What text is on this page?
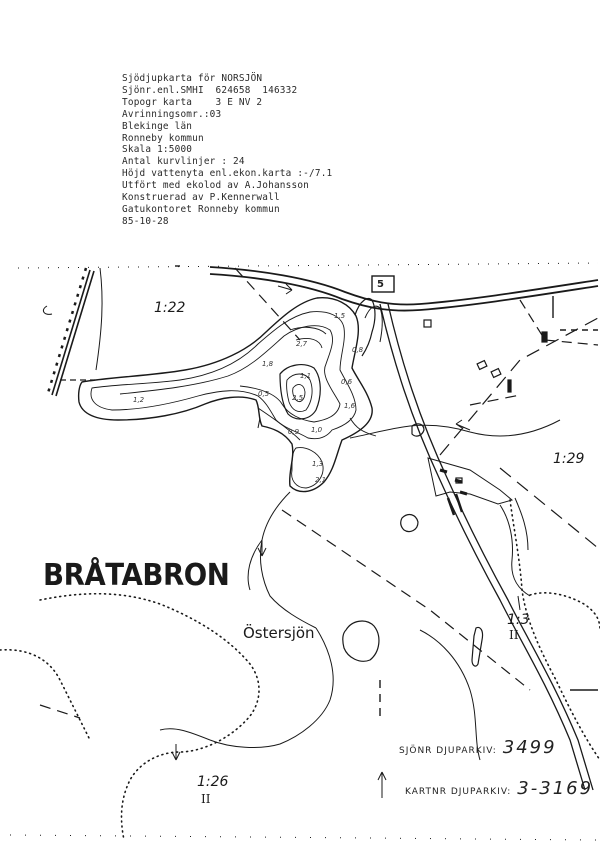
Sjödjupkarta för NORSJÖN
Sjönr.enl.SMHI  624658  146332
Topogr karta    3 E NV 2
Avrinningsomr.:03
Blekinge län
Ronneby kommun
Skala 1:5000
Antal kurvlinjer : 24
Höjd vattenyta enl.ekon.karta :-/7.1
Utfört med ekolod av A.Johansson
Konstruerad av P.Kennerwall
Gatukontoret Ronneby kommun
85-10-28
BRÅTABRON
Östersjön
5
1:22
1:29
1:3
II
1:26
II
1,2
2,7
1,5
1,8
2,5
1,6
1,0
0,9
1,3
2,1
0,6
0,5
1,1
0,8
SJÖNR DJUPARKIV: 3499
KARTNR DJUPARKIV: 3-3169
